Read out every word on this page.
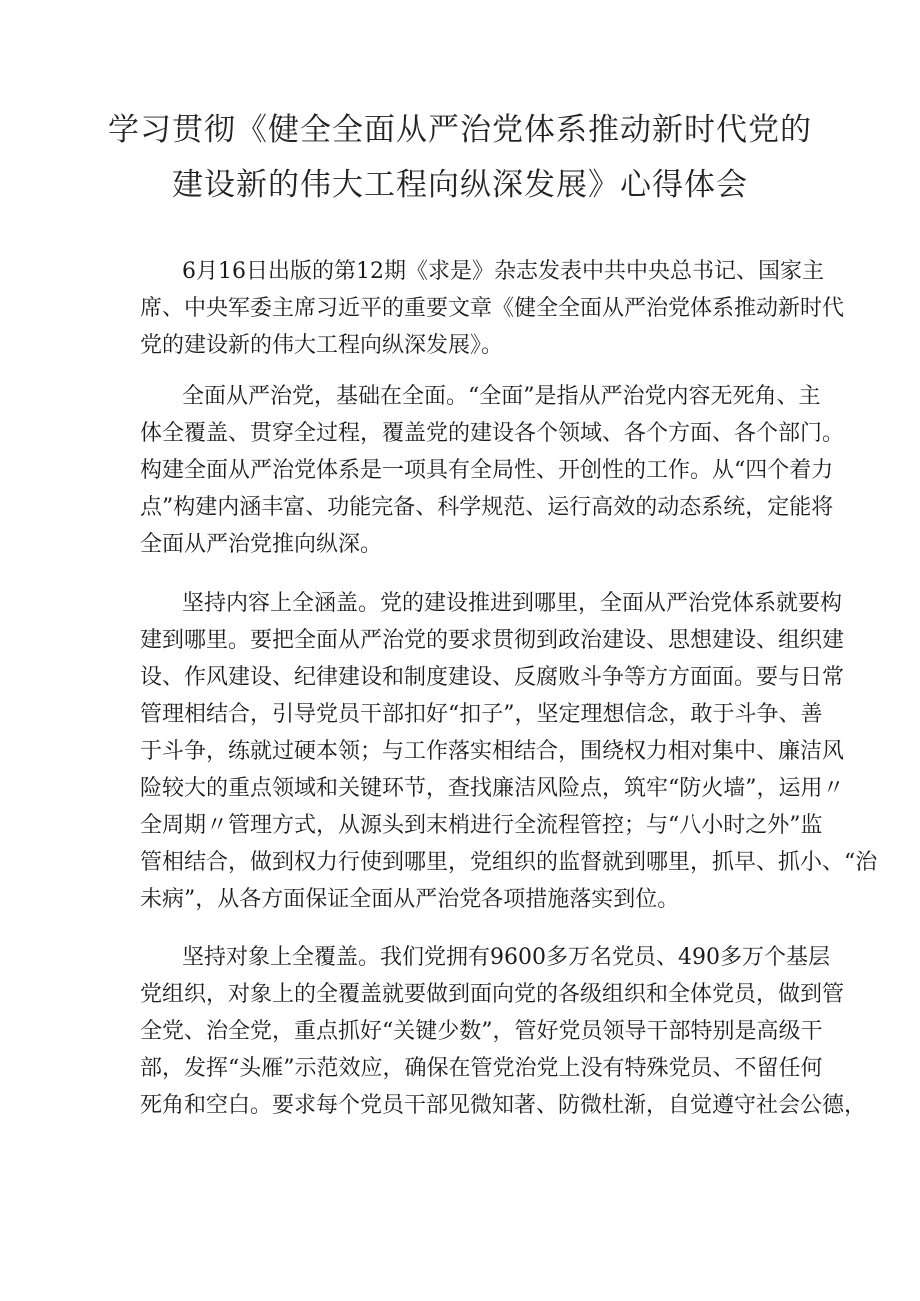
学习贯彻《健全全面从严治党体系推动新时代党的
建设新的伟大工程向纵深发展》心得体会
6月16日出版的第12期《求是》杂志发表中共中央总书记、国家主
席、中央军委主席习近平的重要文章《健全全面从严治党体系推动新时代
党的建设新的伟大工程向纵深发展》。
全面从严治党，基础在全面。“全面”是指从严治党内容无死角、主
体全覆盖、贯穿全过程，覆盖党的建设各个领域、各个方面、各个部门。
构建全面从严治党体系是一项具有全局性、开创性的工作。从“四个着力
点”构建内涵丰富、功能完备、科学规范、运行高效的动态系统，定能将
全面从严治党推向纵深。
坚持内容上全涵盖。党的建设推进到哪里，全面从严治党体系就要构
建到哪里。要把全面从严治党的要求贯彻到政治建设、思想建设、组织建
设、作风建设、纪律建设和制度建设、反腐败斗争等方方面面。要与日常
管理相结合，引导党员干部扣好“扣子”，坚定理想信念，敢于斗争、善
于斗争，练就过硬本领；与工作落实相结合，围绕权力相对集中、廉洁风
险较大的重点领域和关键环节，查找廉洁风险点，筑牢“防火墙”，运用〃
全周期〃管理方式，从源头到末梢进行全流程管控；与“八小时之外”监
管相结合，做到权力行使到哪里，党组织的监督就到哪里，抓早、抓小、“治
未病”，从各方面保证全面从严治党各项措施落实到位。
坚持对象上全覆盖。我们党拥有9600多万名党员、490多万个基层
党组织，对象上的全覆盖就要做到面向党的各级组织和全体党员，做到管
全党、治全党，重点抓好“关键少数”，管好党员领导干部特别是高级干
部，发挥“头雁”示范效应，确保在管党治党上没有特殊党员、不留任何
死角和空白。要求每个党员干部见微知著、防微杜渐，自觉遵守社会公德，
